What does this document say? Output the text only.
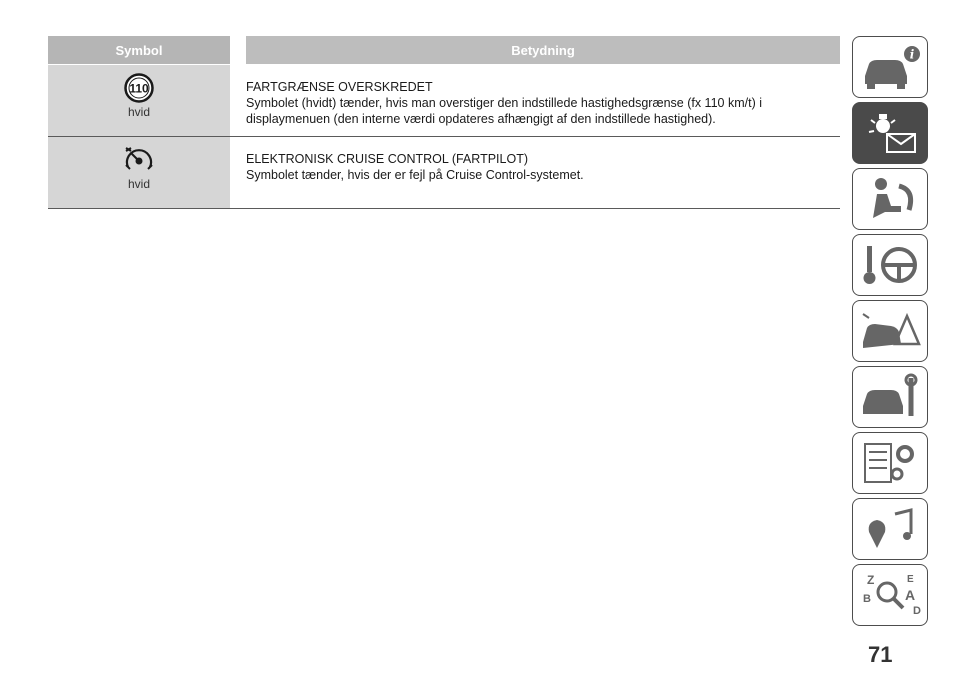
Symbol	Betydning
110
hvid
FARTGRÆNSE OVERSKREDET
Symbolet (hvidt) tænder, hvis man overstiger den indstillede hastighedsgrænse (fx 110 km/t) i displaymenuen (den interne værdi opdateres afhængigt af den indstillede hastighed).
hvid
ELEKTRONISK CRUISE CONTROL (FARTPILOT)
Symbolet tænder, hvis der er fejl på Cruise Control-systemet.
i
Z	E
B A
D
71
